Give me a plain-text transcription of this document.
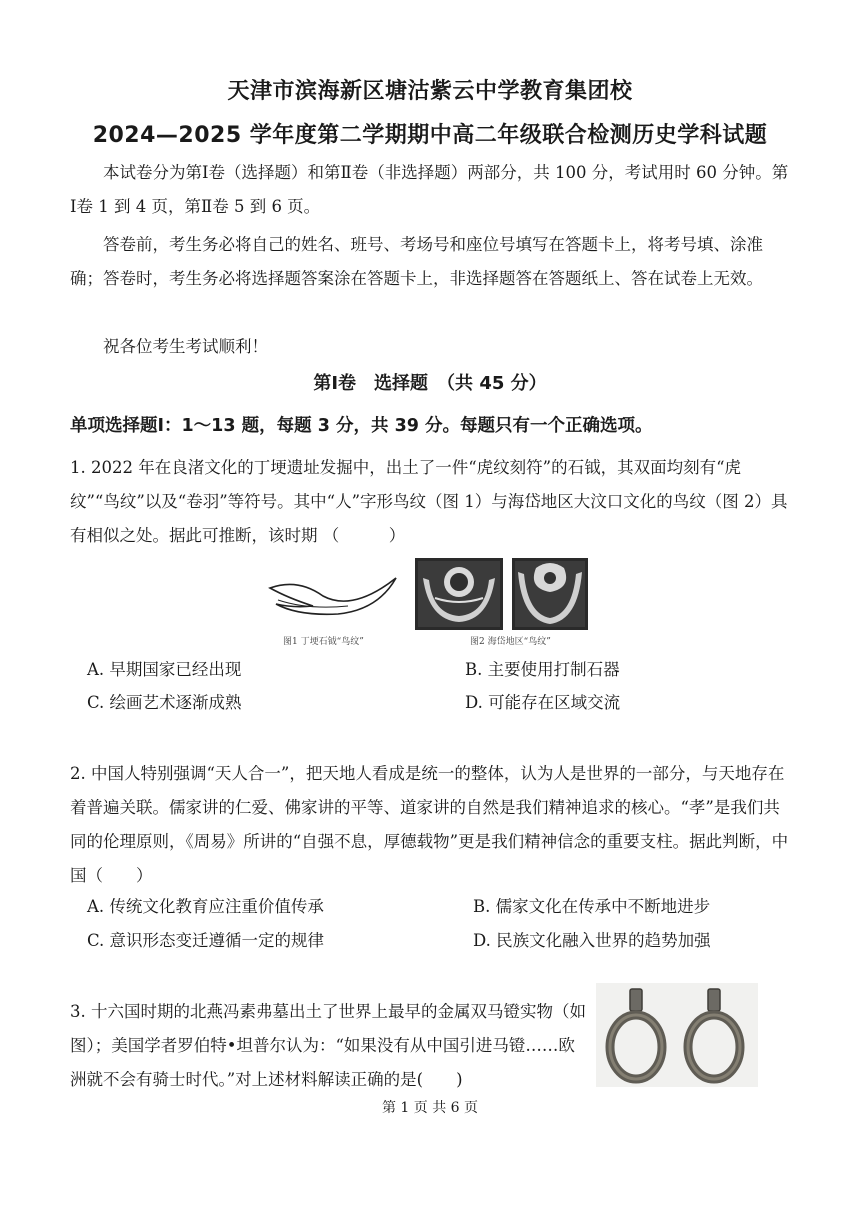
天津市滨海新区塘沽紫云中学教育集团校
2024—2025 学年度第二学期期中高二年级联合检测历史学科试题
本试卷分为第Ⅰ卷（选择题）和第Ⅱ卷（非选择题）两部分，共 100 分，考试用时 60 分钟。第Ⅰ卷 1 到 4 页，第Ⅱ卷 5 到 6 页。
答卷前，考生务必将自己的姓名、班号、考场号和座位号填写在答题卡上，将考号填、涂准确；答卷时，考生务必将选择题答案涂在答题卡上，非选择题答在答题纸上、答在试卷上无效。
祝各位考生考试顺利！
第Ⅰ卷　选择题　（共 45 分）
单项选择题Ⅰ：1～13 题，每题 3 分，共 39 分。每题只有一个正确选项。
1. 2022 年在良渚文化的丁埂遗址发掘中，出土了一件“虎纹刻符”的石钺，其双面均刻有“虎纹”“鸟纹”以及“卷羽”等符号。其中“人”字形鸟纹（图 1）与海岱地区大汶口文化的鸟纹（图 2）具有相似之处。据此可推断，该时期 （　　　）
图1 丁埂石钺“鸟纹”	图2 海岱地区“鸟纹”
A. 早期国家已经出现	B. 主要使用打制石器
C. 绘画艺术逐渐成熟	D. 可能存在区域交流
2. 中国人特别强调“天人合一”，把天地人看成是统一的整体，认为人是世界的一部分，与天地存在着普遍关联。儒家讲的仁爱、佛家讲的平等、道家讲的自然是我们精神追求的核心。“孝”是我们共同的伦理原则，《周易》所讲的“自强不息，厚德载物”更是我们精神信念的重要支柱。据此判断，中国（　　）
A. 传统文化教育应注重价值传承	B. 儒家文化在传承中不断地进步
C. 意识形态变迁遵循一定的规律	D. 民族文化融入世界的趋势加强
3. 十六国时期的北燕冯素弗墓出土了世界上最早的金属双马镫实物（如图）；美国学者罗伯特•坦普尔认为：“如果没有从中国引进马镫……欧洲就不会有骑士时代。”对上述材料解读正确的是(　　)
第 1 页 共 6 页
